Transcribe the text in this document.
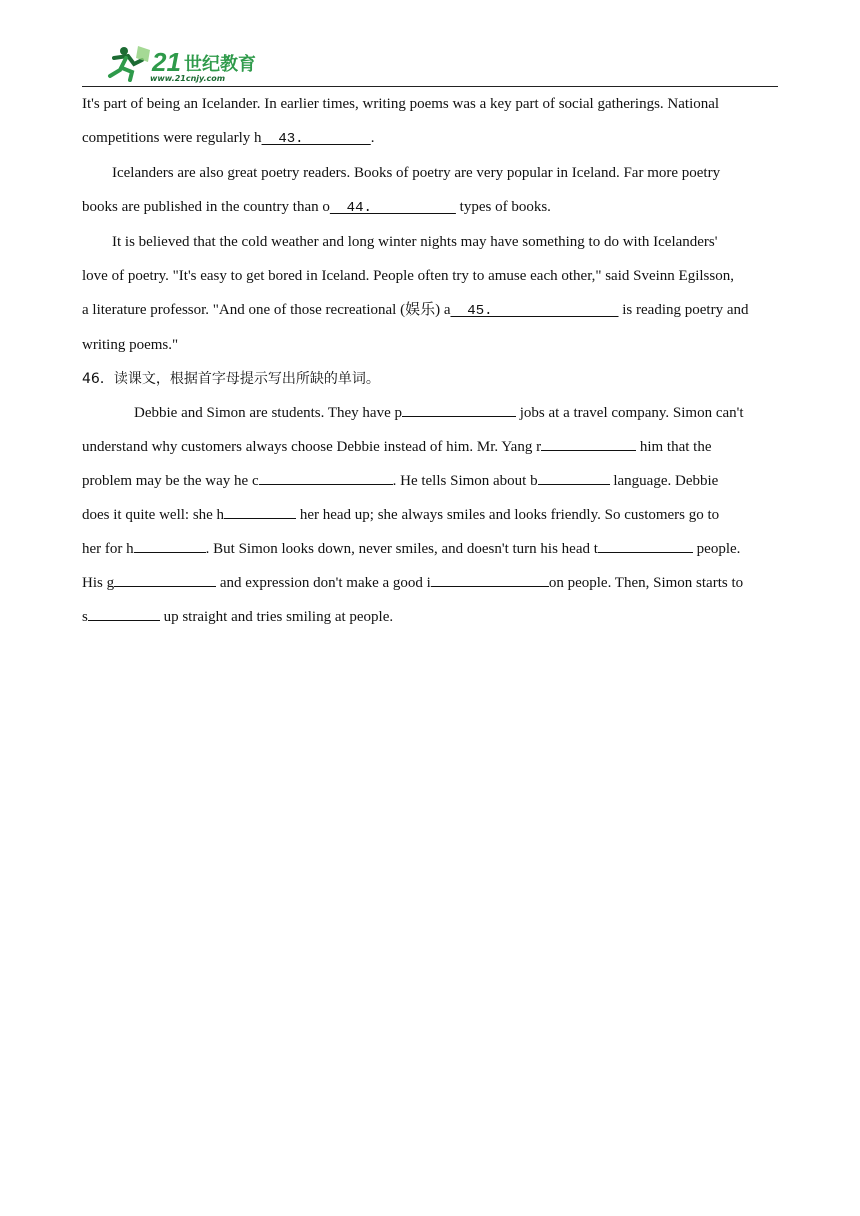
21 世纪教育
www.21cnjy.com
It's part of being an Icelander. In earlier times, writing poems was a key part of social gatherings. National
competitions were regularly h  43.        .
Icelanders are also great poetry readers. Books of poetry are very popular in Iceland. Far more poetry
books are published in the country than o  44.           types of books.
It is believed that the cold weather and long winter nights may have something to do with Icelanders'
love of poetry. "It's easy to get bored in Iceland. People often try to amuse each other," said Sveinn Egilsson,
a literature professor. "And one of those recreational (娱乐) a  45.                is reading poetry and
writing poems."
46．读课文，根据首字母提示写出所缺的单词。
Debbie and Simon are students. They have p	jobs at a travel company. Simon can't
understand why customers always choose Debbie instead of him. Mr. Yang r	him that the
problem may be the way he c	. He tells Simon about b	language. Debbie
does it quite well: she h	her head up; she always smiles and looks friendly. So customers go to
her for h	. But Simon looks down, never smiles, and doesn't turn his head t	people.
His g	and expression don't make a good i	on people. Then, Simon starts to
s	up straight and tries smiling at people.
